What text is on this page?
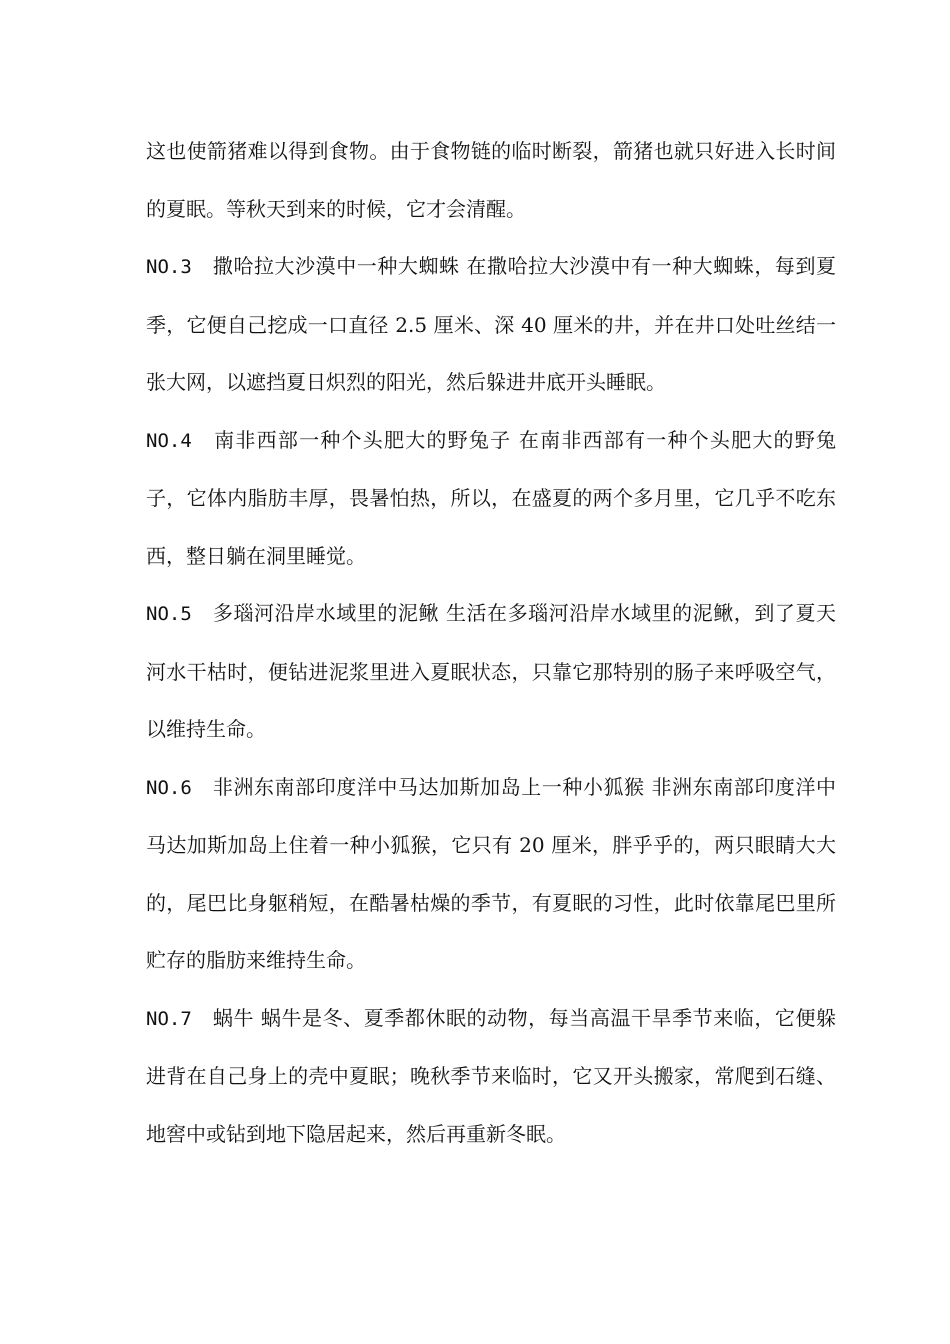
这也使箭猪难以得到食物。由于食物链的临时断裂，箭猪也就只好进入长时间的夏眠。等秋天到来的时候，它才会清醒。

NO.3　撒哈拉大沙漠中一种大蜘蛛 在撒哈拉大沙漠中有一种大蜘蛛，每到夏季，它便自己挖成一口直径 2.5 厘米、深 40 厘米的井，并在井口处吐丝结一张大网，以遮挡夏日炽烈的阳光，然后躲进井底开头睡眠。

NO.4　南非西部一种个头肥大的野兔子 在南非西部有一种个头肥大的野兔子，它体内脂肪丰厚，畏暑怕热，所以，在盛夏的两个多月里，它几乎不吃东西，整日躺在洞里睡觉。

NO.5　多瑙河沿岸水域里的泥鳅 生活在多瑙河沿岸水域里的泥鳅，到了夏天河水干枯时，便钻进泥浆里进入夏眠状态，只靠它那特别的肠子来呼吸空气，以维持生命。

NO.6　非洲东南部印度洋中马达加斯加岛上一种小狐猴 非洲东南部印度洋中马达加斯加岛上住着一种小狐猴，它只有 20 厘米，胖乎乎的，两只眼睛大大的，尾巴比身躯稍短，在酷暑枯燥的季节，有夏眠的习性，此时依靠尾巴里所贮存的脂肪来维持生命。

NO.7　蜗牛 蜗牛是冬、夏季都休眠的动物，每当高温干旱季节来临，它便躲进背在自己身上的壳中夏眠；晚秋季节来临时，它又开头搬家，常爬到石缝、地窖中或钻到地下隐居起来，然后再重新冬眠。
